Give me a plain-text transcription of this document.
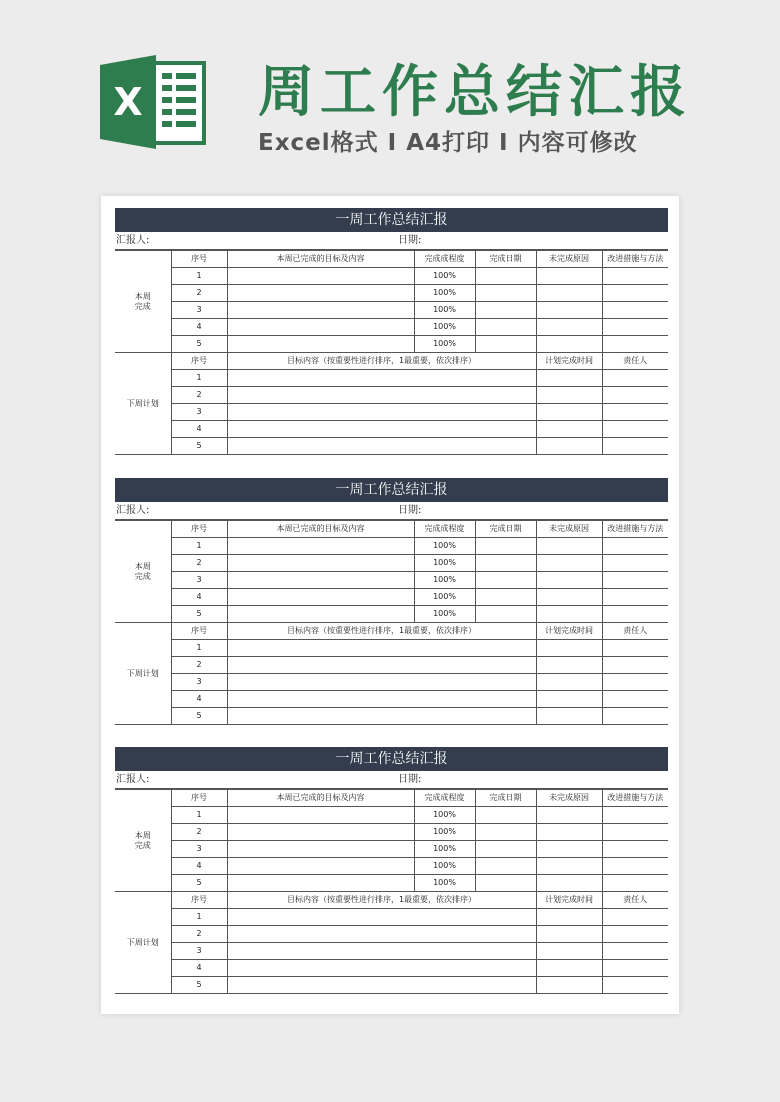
X 周工作总结汇报
Excel格式 I A4打印 I 内容可修改
一周工作总结汇报
汇报人:	日期:
本周
完成	序号	本周已完成的目标及内容	完成成程度	完成日期	未完成原因	改进措施与方法
	1		100%			
	2		100%			
	3		100%			
	4		100%			
	5		100%			
下周计划	序号	目标内容（按重要性进行排序，1最重要，依次排序）			计划完成时间	责任人
	1					
	2					
	3					
	4					
	5					
一周工作总结汇报
汇报人:	日期:
本周
完成	序号	本周已完成的目标及内容	完成成程度	完成日期	未完成原因	改进措施与方法
	1		100%			
	2		100%			
	3		100%			
	4		100%			
	5		100%			
下周计划	序号	目标内容（按重要性进行排序，1最重要，依次排序）			计划完成时间	责任人
	1					
	2					
	3					
	4					
	5					
一周工作总结汇报
汇报人:	日期:
本周
完成	序号	本周已完成的目标及内容	完成成程度	完成日期	未完成原因	改进措施与方法
	1		100%			
	2		100%			
	3		100%			
	4		100%			
	5		100%			
下周计划	序号	目标内容（按重要性进行排序，1最重要，依次排序）			计划完成时间	责任人
	1					
	2					
	3					
	4					
	5					
